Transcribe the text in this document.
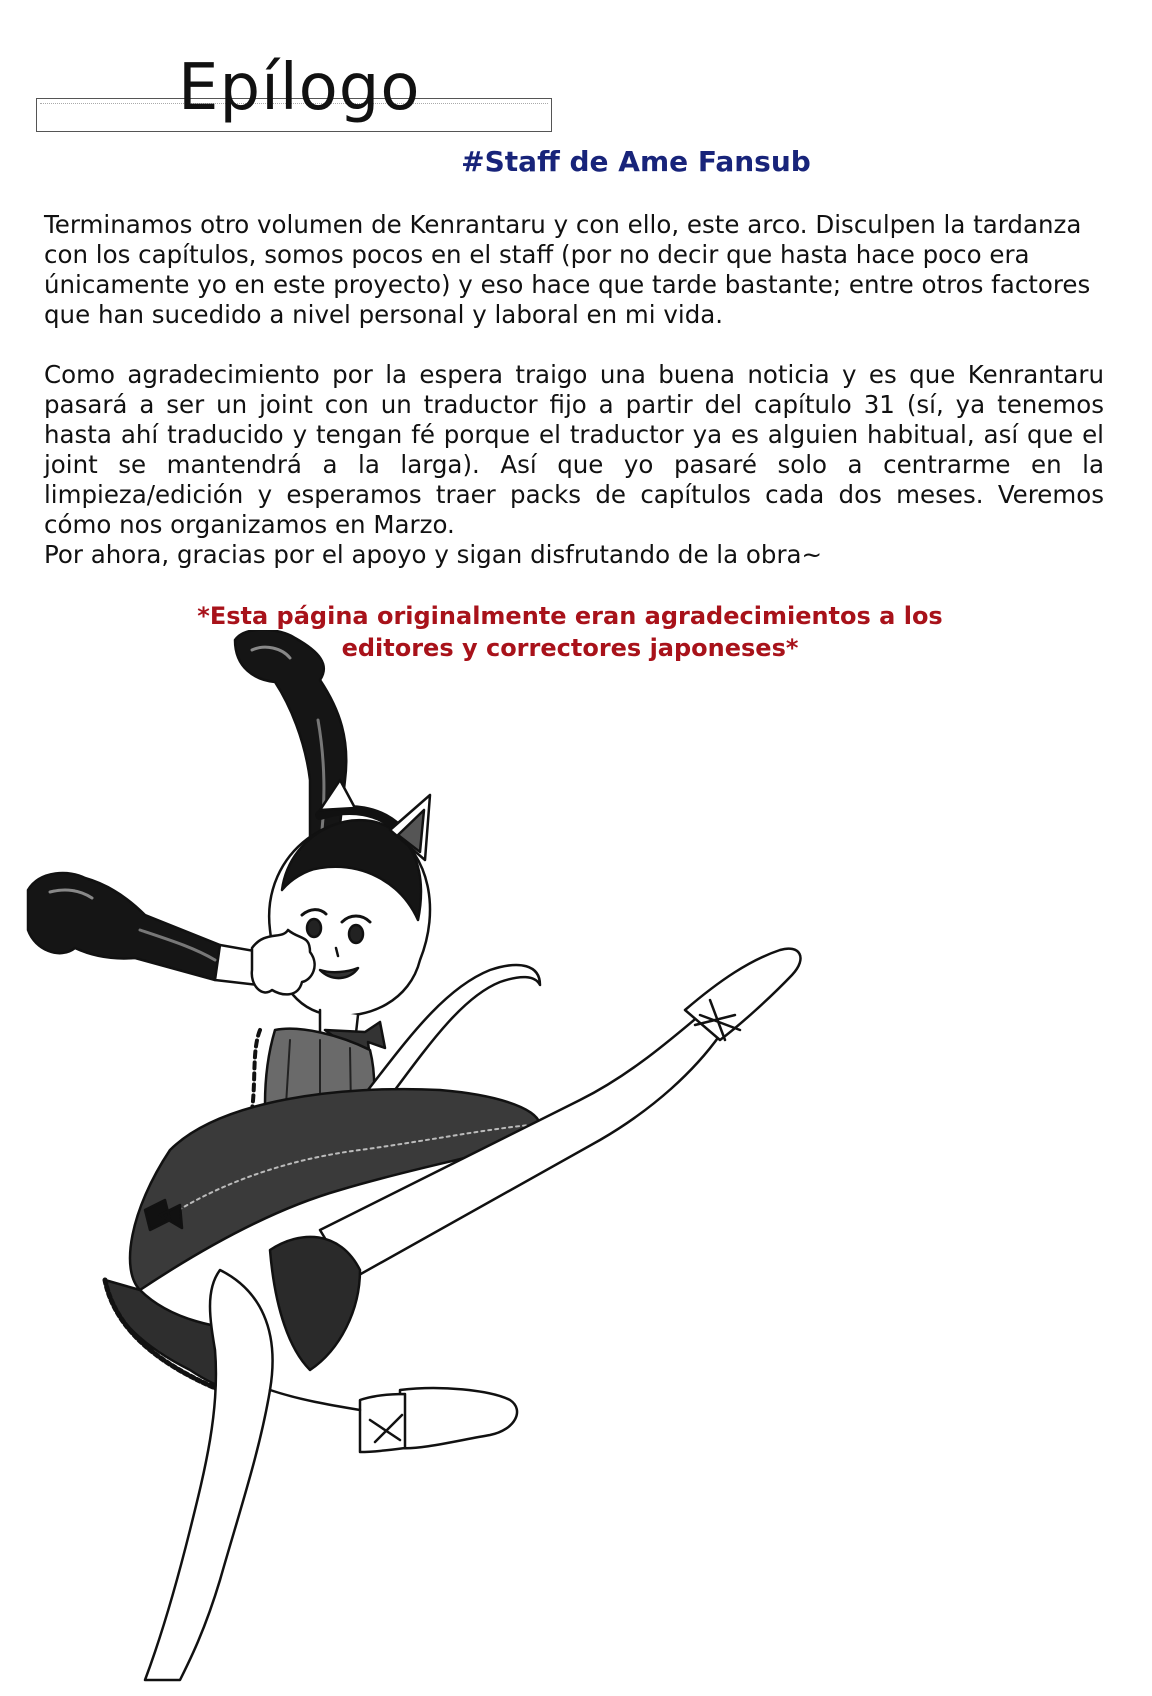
Epílogo
#Staff de Ame Fansub

Terminamos otro volumen de Kenrantaru y con ello, este arco. Disculpen la tardanza con los capítulos, somos pocos en el staff (por no decir que hasta hace poco era únicamente yo en este proyecto) y eso hace que tarde bastante; entre otros factores que han sucedido a nivel personal y laboral en mi vida.

Como agradecimiento por la espera traigo una buena noticia y es que Kenrantaru pasará a ser un joint con un traductor fijo a partir del capítulo 31 (sí, ya tenemos hasta ahí traducido y tengan fé porque el traductor ya es alguien habitual, así que el joint se mantendrá a la larga). Así que yo pasaré solo a centrarme en la limpieza/edición y esperamos traer packs de capítulos cada dos meses. Veremos cómo nos organizamos en Marzo.

Por ahora, gracias por el apoyo y sigan disfrutando de la obra~

*Esta página originalmente eran agradecimientos a los editores y correctores japoneses*
